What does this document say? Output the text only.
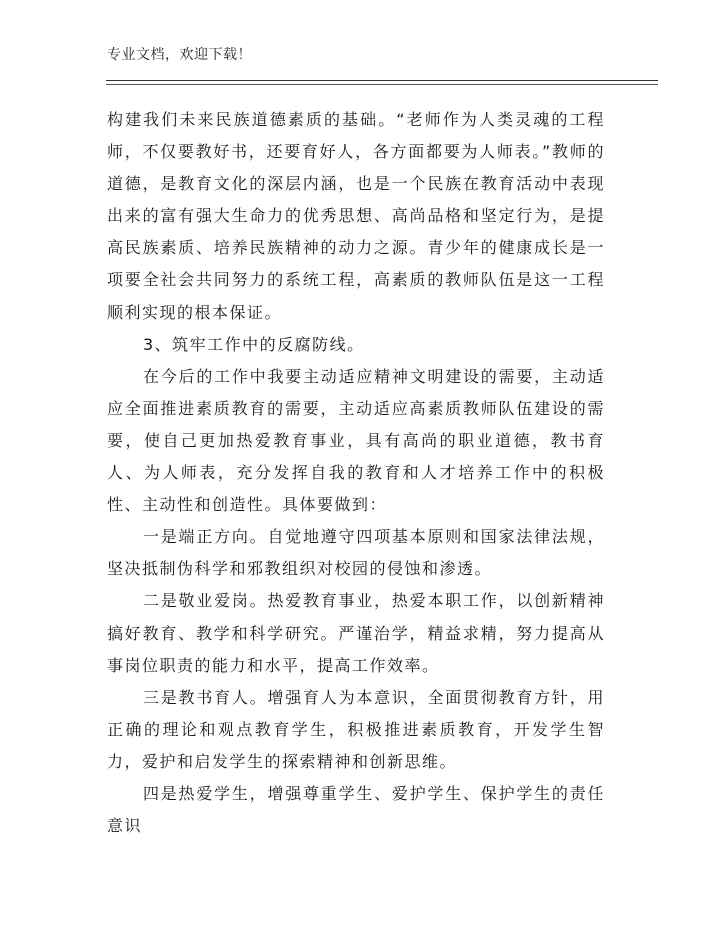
专业文档，欢迎下载！

构建我们未来民族道德素质的基础。“老师作为人类灵魂的工程师，不仅要教好书，还要育好人，各方面都要为人师表。”教师的道德，是教育文化的深层内涵，也是一个民族在教育活动中表现出来的富有强大生命力的优秀思想、高尚品格和坚定行为，是提高民族素质、培养民族精神的动力之源。青少年的健康成长是一项要全社会共同努力的系统工程，高素质的教师队伍是这一工程顺利实现的根本保证。

3、筑牢工作中的反腐防线。

在今后的工作中我要主动适应精神文明建设的需要，主动适应全面推进素质教育的需要，主动适应高素质教师队伍建设的需要，使自己更加热爱教育事业，具有高尚的职业道德，教书育人、为人师表，充分发挥自我的教育和人才培养工作中的积极性、主动性和创造性。具体要做到：

一是端正方向。自觉地遵守四项基本原则和国家法律法规，坚决抵制伪科学和邪教组织对校园的侵蚀和渗透。

二是敬业爱岗。热爱教育事业，热爱本职工作，以创新精神搞好教育、教学和科学研究。严谨治学，精益求精，努力提高从事岗位职责的能力和水平，提高工作效率。

三是教书育人。增强育人为本意识，全面贯彻教育方针，用正确的理论和观点教育学生，积极推进素质教育，开发学生智力，爱护和启发学生的探索精神和创新思维。

四是热爱学生，增强尊重学生、爱护学生、保护学生的责任意识
